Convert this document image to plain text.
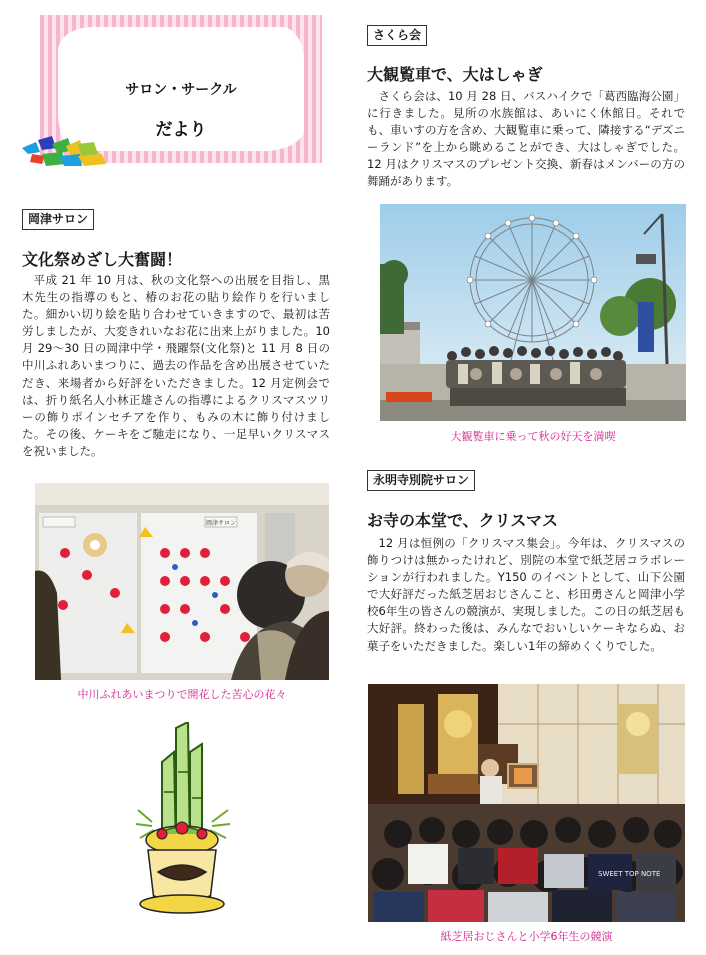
サロン・サークル
だより
岡津サロン
文化祭めざし大奮闘！

平成 21 年 10 月は、秋の文化祭への出展を目指し、黒木先生の指導のもと、椿のお花の貼り絵作りを行いました。細かい切り絵を貼り合わせていきますので、最初は苦労しましたが、大変きれいなお花に出来上がりました。10 月 29～30 日の岡津中学・飛躍祭(文化祭)と 11 月 8 日の中川ふれあいまつりに、過去の作品を含め出展させていただき、来場者から好評をいただきました。12 月定例会では、折り紙名人小林正雄さんの指導によるクリスマスツリーの飾りポインセチアを作り、もみの木に飾り付けました。その後、ケーキをご馳走になり、一足早いクリスマスを祝いました。

岡津サロン
中川ふれあいまつりで開花した苦心の花々
さくら会
大観覧車で、大はしゃぎ

さくら会は、10 月 28 日、バスハイクで「葛西臨海公園」に行きました。見所の水族館は、あいにく休館日。それでも、車いすの方を含め、大観覧車に乗って、隣接する“デズニーランド”を上から眺めることができ、大はしゃぎでした。12 月はクリスマスのプレゼント交換、新春はメンバーの方の舞踊があります。

大観覧車に乗って秋の好天を満喫
永明寺別院サロン
お寺の本堂で、クリスマス

12 月は恒例の「クリスマス集会」。今年は、クリスマスの飾りつけは無かったけれど、別院の本堂で紙芝居コラボレーションが行われました。Y150 のイベントとして、山下公園で大好評だった紙芝居おじさんこと、杉田勇さんと岡津小学校6年生の皆さんの競演が、実現しました。この日の紙芝居も大好評。終わった後は、みんなでおいしいケーキならぬ、お菓子をいただきました。楽しい1年の締めくくりでした。

SWEET TOP NOTE
紙芝居おじさんと小学6年生の競演
